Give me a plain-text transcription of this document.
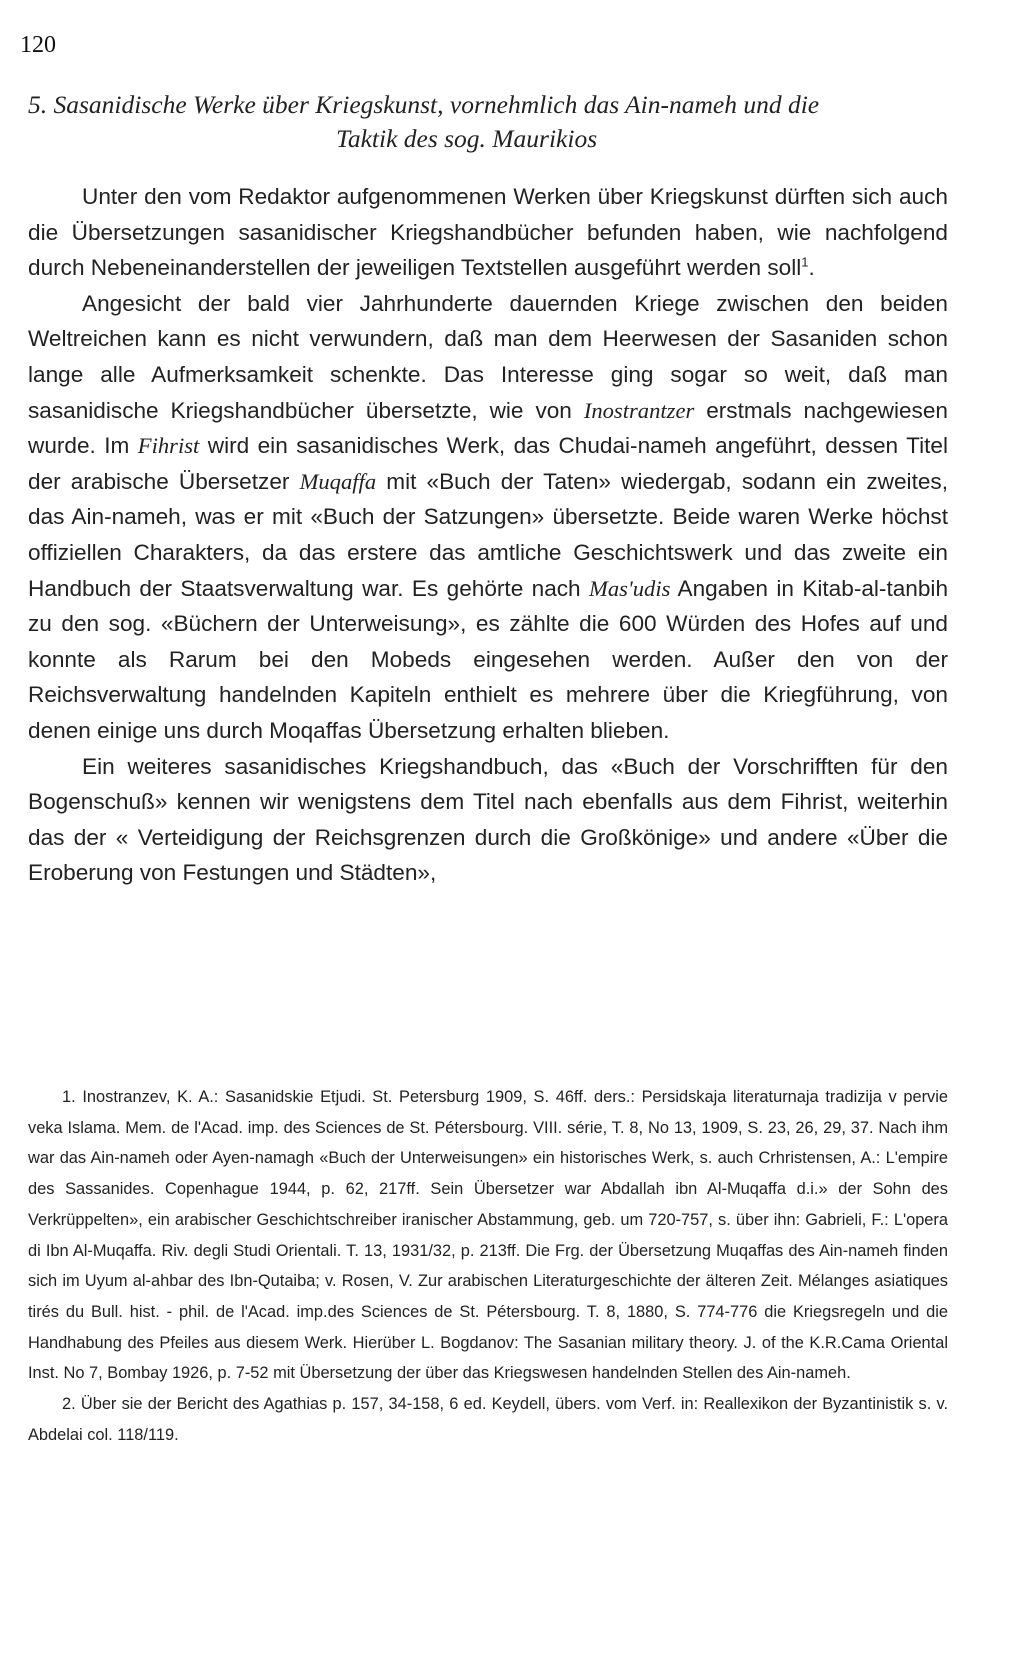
120
5. Sasanidische Werke über Kriegskunst, vornehmlich das Ain-nameh und die
Taktik des sog. Maurikios

Unter den vom Redaktor aufgenommenen Werken über Kriegskunst dürften sich auch die Übersetzungen sasanidischer Kriegshandbücher befunden haben, wie nachfolgend durch Nebeneinanderstellen der jeweiligen Textstellen ausgeführt werden soll$^1$.

Angesicht der bald vier Jahrhunderte dauernden Kriege zwischen den beiden Weltreichen kann es nicht verwundern, daß man dem Heerwesen der Sasaniden schon lange alle Aufmerksamkeit schenkte. Das Interesse ging sogar so weit, daß man sasanidische Kriegshandbücher übersetzte, wie von Inostrantzer erstmals nachgewiesen wurde. Im Fihrist wird ein sasanidisches Werk, das Chudai-nameh angeführt, dessen Titel der arabische Übersetzer Muqaffa mit «Buch der Taten» wiedergab, sodann ein zweites, das Ain-nameh, was er mit «Buch der Satzungen» übersetzte. Beide waren Werke höchst offiziellen Charakters, da das erstere das amtliche Geschichtswerk und das zweite ein Handbuch der Staatsverwaltung war. Es gehörte nach Mas'udis Angaben in Kitab-al-tanbih zu den sog. «Büchern der Unterweisung», es zählte die 600 Würden des Hofes auf und konnte als Rarum bei den Mobeds eingesehen werden. Außer den von der Reichsverwaltung handelnden Kapiteln enthielt es mehrere über die Kriegführung, von denen einige uns durch Moqaffas Übersetzung erhalten blieben.

Ein weiteres sasanidisches Kriegshandbuch, das «Buch der Vorschrifften für den Bogenschuß» kennen wir wenigstens dem Titel nach ebenfalls aus dem Fihrist, weiterhin das der « Verteidigung der Reichsgrenzen durch die Großkönige» und andere «Über die Eroberung von Festungen und Städten»,

1. Inostranzev, K. A.: Sasanidskie Etjudi. St. Petersburg 1909, S. 46ff. ders.: Persidskaja literaturnaja tradizija v pervie veka Islama. Mem. de l'Acad. imp. des Sciences de St. Pétersbourg. VIII. série, T. 8, No 13, 1909, S. 23, 26, 29, 37. Nach ihm war das Ain-nameh oder Ayen-namagh «Buch der Unterweisungen» ein historisches Werk, s. auch Crhristensen, A.: L'empire des Sassanides. Copenhague 1944, p. 62, 217ff. Sein Übersetzer war Abdallah ibn Al-Muqaffa d.i.» der Sohn des Verkrüppelten», ein arabischer Geschichtschreiber iranischer Abstammung, geb. um 720-757, s. über ihn: Gabrieli, F.: L'opera di Ibn Al-Muqaffa. Riv. degli Studi Orientali. T. 13, 1931/32, p. 213ff. Die Frg. der Übersetzung Muqaffas des Ain-nameh finden sich im Uyum al-ahbar des Ibn-Qutaiba; v. Rosen, V. Zur arabischen Literaturgeschichte der älteren Zeit. Mélanges asiatiques tirés du Bull. hist. - phil. de l'Acad. imp.des Sciences de St. Pétersbourg. T. 8, 1880, S. 774-776 die Kriegsregeln und die Handhabung des Pfeiles aus diesem Werk. Hierüber L. Bogdanov: The Sasanian military theory. J. of the K.R.Cama Oriental Inst. No 7, Bombay 1926, p. 7-52 mit Übersetzung der über das Kriegswesen handelnden Stellen des Ain-nameh.

2. Über sie der Bericht des Agathias p. 157, 34-158, 6 ed. Keydell, übers. vom Verf. in: Reallexikon der Byzantinistik s. v. Abdelai col. 118/119.
